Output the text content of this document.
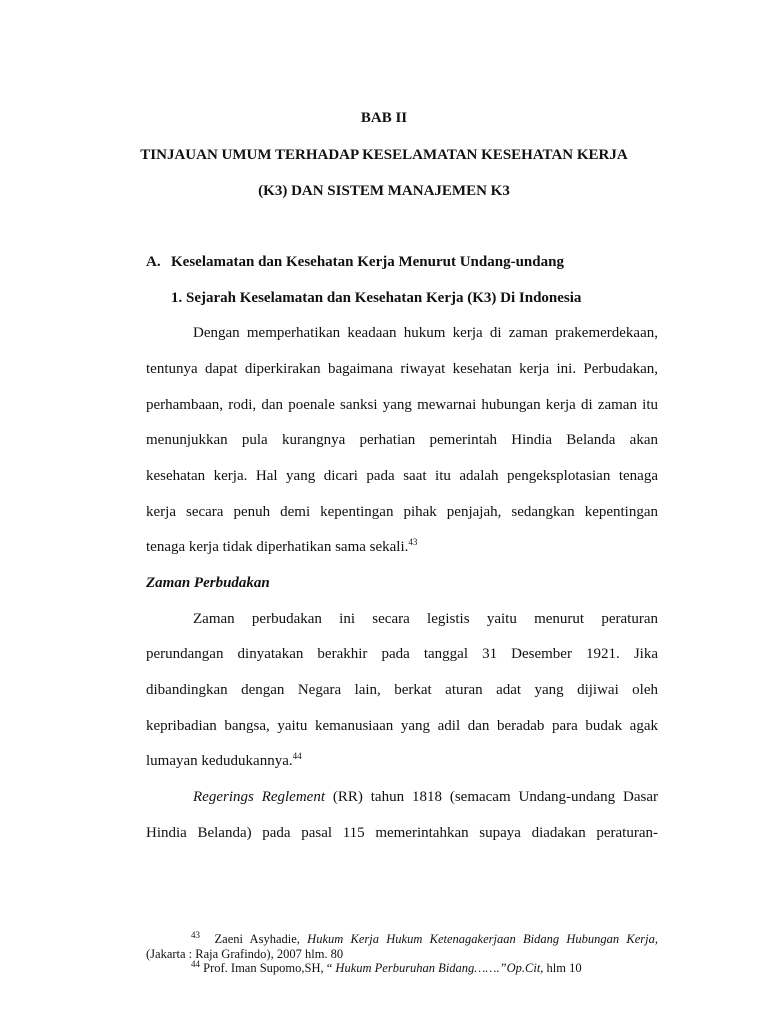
BAB II

TINJAUAN UMUM TERHADAP KESELAMATAN KESEHATAN KERJA

(K3) DAN SISTEM MANAJEMEN K3

A. Keselamatan dan Kesehatan Kerja Menurut Undang-undang

1. Sejarah Keselamatan dan Kesehatan Kerja (K3) Di Indonesia

Dengan memperhatikan keadaan hukum kerja di zaman prakemerdekaan,

tentunya dapat diperkirakan bagaimana riwayat kesehatan kerja ini. Perbudakan,

perhambaan, rodi, dan poenale sanksi yang mewarnai hubungan kerja di zaman itu

menunjukkan pula kurangnya perhatian pemerintah Hindia Belanda akan

kesehatan kerja. Hal yang dicari pada saat itu adalah pengeksplotasian tenaga

kerja secara penuh demi kepentingan pihak penjajah, sedangkan kepentingan

tenaga kerja tidak diperhatikan sama sekali.$^{43}$

Zaman Perbudakan

Zaman perbudakan ini secara legistis yaitu menurut peraturan

perundangan dinyatakan berakhir pada tanggal 31 Desember 1921. Jika

dibandingkan dengan Negara lain, berkat aturan adat yang dijiwai oleh

kepribadian bangsa, yaitu kemanusiaan yang adil dan beradab para budak agak

lumayan kedudukannya.$^{44}$

Regerings Reglement (RR) tahun 1818 (semacam Undang-undang Dasar

Hindia Belanda) pada pasal 115 memerintahkan supaya diadakan peraturan-

$^{43}$ Zaeni Asyhadie, Hukum Kerja Hukum Ketenagakerjaan Bidang Hubungan Kerja,

(Jakarta : Raja Grafindo), 2007 hlm. 80

$^{44}$ Prof. Iman Supomo,SH, “ Hukum Perburuhan Bidang…….”Op.Cit, hlm 10
